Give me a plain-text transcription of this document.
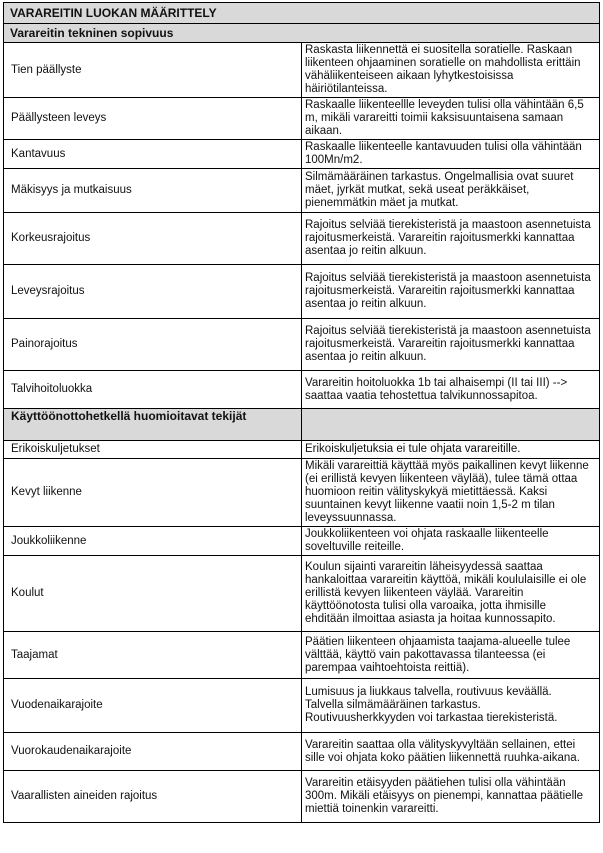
VARAREITIN LUOKAN MÄÄRITTELY	
Varareitin tekninen sopivuus	
Tien päällyste	Raskasta liikennettä ei suositella soratielle. Raskaan liikenteen ohjaaminen soratielle on mahdollista erittäin vähäliikenteiseen aikaan lyhytkestoisissa häiriötilanteissa.
Päällysteen leveys	Raskaalle liikenteellle leveyden tulisi olla vähintään 6,5 m, mikäli varareitti toimii kaksisuuntaisena samaan aikaan.
Kantavuus	Raskaalle liikenteelle kantavuuden tulisi olla vähintään 100Mn/m2.
Mäkisyys ja mutkaisuus	Silmämääräinen tarkastus. Ongelmallisia ovat suuret mäet, jyrkät mutkat, sekä useat peräkkäiset, pienemmätkin mäet ja mutkat.
Korkeusrajoitus	Rajoitus selviää tierekisteristä ja maastoon asennetuista rajoitusmerkeistä. Varareitin rajoitusmerkki kannattaa asentaa jo reitin alkuun.
Leveysrajoitus	Rajoitus selviää tierekisteristä ja maastoon asennetuista rajoitusmerkeistä. Varareitin rajoitusmerkki kannattaa asentaa jo reitin alkuun.
Painorajoitus	Rajoitus selviää tierekisteristä ja maastoon asennetuista rajoitusmerkeistä. Varareitin rajoitusmerkki kannattaa asentaa jo reitin alkuun.
Talvihoitoluokka	Varareitin hoitoluokka 1b tai alhaisempi (II tai III) --> saattaa vaatia tehostettua talvikunnossapitoa.
Käyttöönottohetkellä huomioitavat tekijät	
Erikoiskuljetukset	Erikoiskuljetuksia ei tule ohjata varareitille.
Kevyt liikenne	Mikäli varareittiä käyttää myös paikallinen kevyt liikenne (ei erillistä kevyen liikenteen väylää), tulee tämä ottaa huomioon reitin välityskykyä mietittäessä. Kaksi suuntainen kevyt liikenne vaatii noin 1,5-2 m tilan leveyssuunnassa.
Joukkoliikenne	Joukkoliikenteen voi ohjata raskaalle liikenteelle soveltuville reiteille.
Koulut	Koulun sijainti varareitin läheisyydessä saattaa hankaloittaa varareitin käyttöä, mikäli koululaisille ei ole erillistä kevyen liikenteen väylää. Varareitin käyttöönotosta tulisi olla varoaika, jotta ihmisille ehditään ilmoittaa asiasta ja hoitaa kunnossapito.
Taajamat	Päätien liikenteen ohjaamista taajama-alueelle tulee välttää, käyttö vain pakottavassa tilanteessa (ei parempaa vaihtoehtoista reittiä).
Vuodenaikarajoite	Lumisuus ja liukkaus talvella, routivuus keväällä. Talvella silmämääräinen tarkastus. Routivuusherkkyyden voi tarkastaa tierekisteristä.
Vuorokaudenaikarajoite	Varareitin saattaa olla välityskyvyltään sellainen, ettei sille voi ohjata koko päätien liikennettä ruuhka-aikana.
Vaarallisten aineiden rajoitus	Varareitin etäisyyden päätiehen tulisi olla vähintään 300m. Mikäli etäisyys on pienempi, kannattaa päätielle miettiä toinenkin varareitti.
